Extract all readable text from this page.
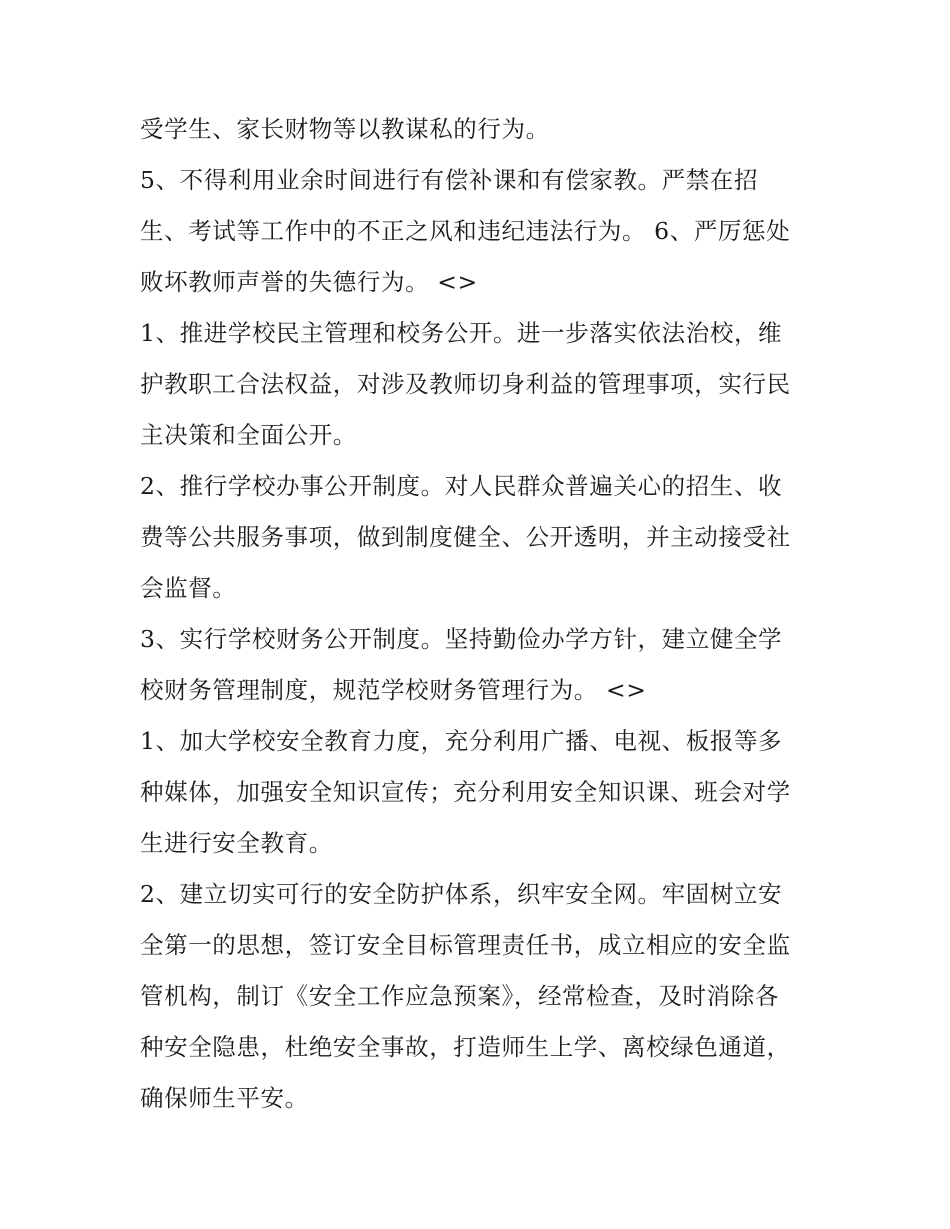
受学生、家长财物等以教谋私的行为。
5、不得利用业余时间进行有偿补课和有偿家教。严禁在招
生、考试等工作中的不正之风和违纪违法行为。 6、严厉惩处
败坏教师声誉的失德行为。 <>
1、推进学校民主管理和校务公开。进一步落实依法治校，维
护教职工合法权益，对涉及教师切身利益的管理事项，实行民
主决策和全面公开。
2、推行学校办事公开制度。对人民群众普遍关心的招生、收
费等公共服务事项，做到制度健全、公开透明，并主动接受社
会监督。
3、实行学校财务公开制度。坚持勤俭办学方针，建立健全学
校财务管理制度，规范学校财务管理行为。 <>
1、加大学校安全教育力度，充分利用广播、电视、板报等多
种媒体，加强安全知识宣传；充分利用安全知识课、班会对学
生进行安全教育。
2、建立切实可行的安全防护体系，织牢安全网。牢固树立安
全第一的思想，签订安全目标管理责任书，成立相应的安全监
管机构，制订《安全工作应急预案》，经常检查，及时消除各
种安全隐患，杜绝安全事故，打造师生上学、离校绿色通道，
确保师生平安。
